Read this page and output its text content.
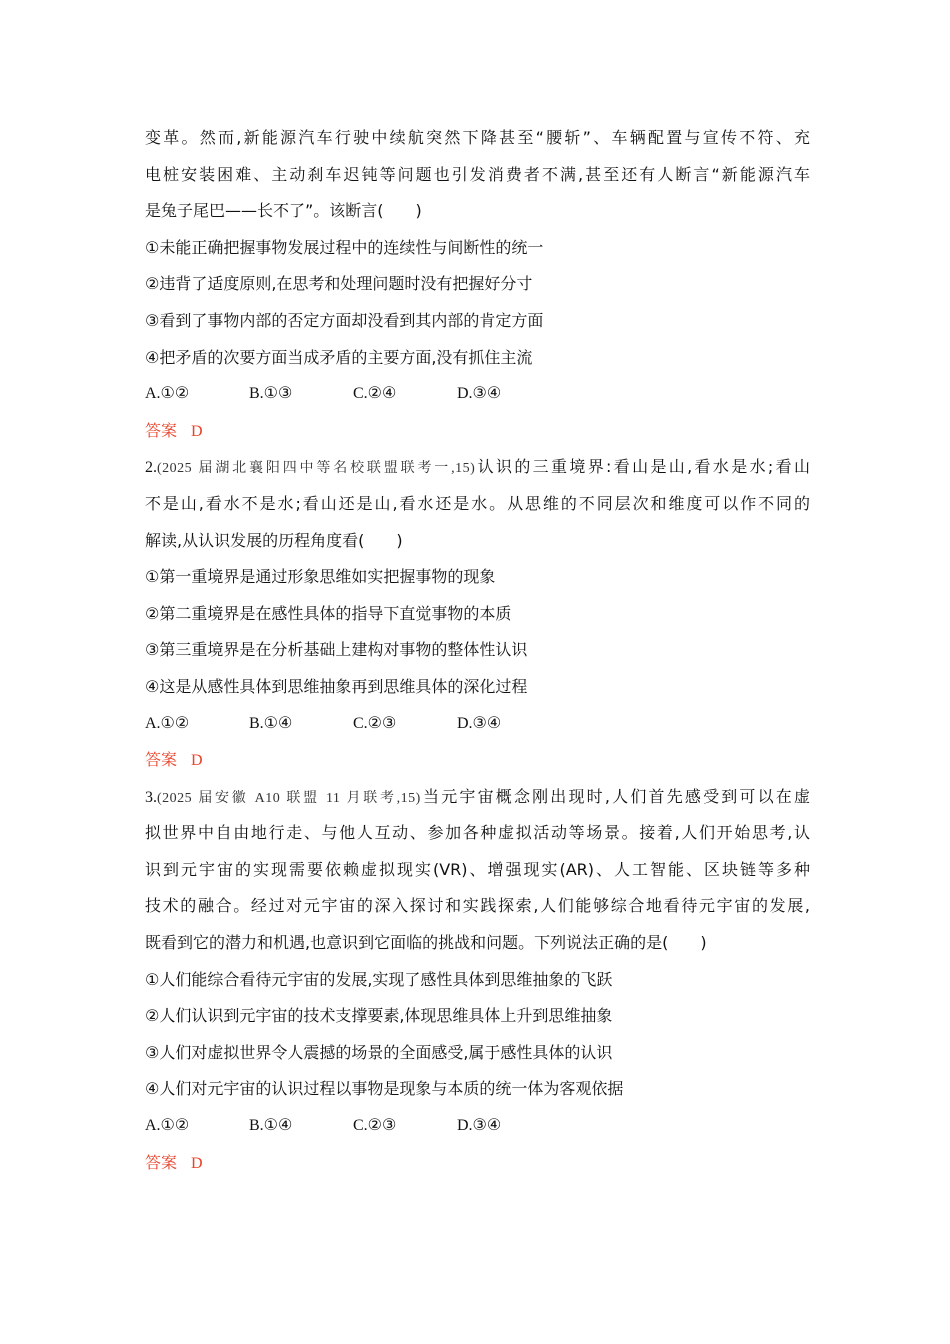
变革。然而,新能源汽车行驶中续航突然下降甚至“腰斩”、车辆配置与宣传不符、充
电桩安装困难、主动刹车迟钝等问题也引发消费者不满,甚至还有人断言“新能源汽车
是兔子尾巴——长不了”。该断言(　　)
①未能正确把握事物发展过程中的连续性与间断性的统一
②违背了适度原则,在思考和处理问题时没有把握好分寸
③看到了事物内部的否定方面却没看到其内部的肯定方面
④把矛盾的次要方面当成矛盾的主要方面,没有抓住主流
A.①②	B.①③	C.②④	D.③④
答案 D
2.(2025 届湖北襄阳四中等名校联盟联考一,15)认识的三重境界:看山是山,看水是水;看山
不是山,看水不是水;看山还是山,看水还是水。从思维的不同层次和维度可以作不同的
解读,从认识发展的历程角度看(　　)
①第一重境界是通过形象思维如实把握事物的现象
②第二重境界是在感性具体的指导下直觉事物的本质
③第三重境界是在分析基础上建构对事物的整体性认识
④这是从感性具体到思维抽象再到思维具体的深化过程
A.①②	B.①④	C.②③	D.③④
答案 D
3.(2025 届安徽 A10 联盟 11 月联考,15)当元宇宙概念刚出现时,人们首先感受到可以在虚
拟世界中自由地行走、与他人互动、参加各种虚拟活动等场景。接着,人们开始思考,认
识到元宇宙的实现需要依赖虚拟现实(VR)、增强现实(AR)、人工智能、区块链等多种
技术的融合。经过对元宇宙的深入探讨和实践探索,人们能够综合地看待元宇宙的发展,
既看到它的潜力和机遇,也意识到它面临的挑战和问题。下列说法正确的是(　　)
①人们能综合看待元宇宙的发展,实现了感性具体到思维抽象的飞跃
②人们认识到元宇宙的技术支撑要素,体现思维具体上升到思维抽象
③人们对虚拟世界令人震撼的场景的全面感受,属于感性具体的认识
④人们对元宇宙的认识过程以事物是现象与本质的统一体为客观依据
A.①②	B.①④	C.②③	D.③④
答案 D
